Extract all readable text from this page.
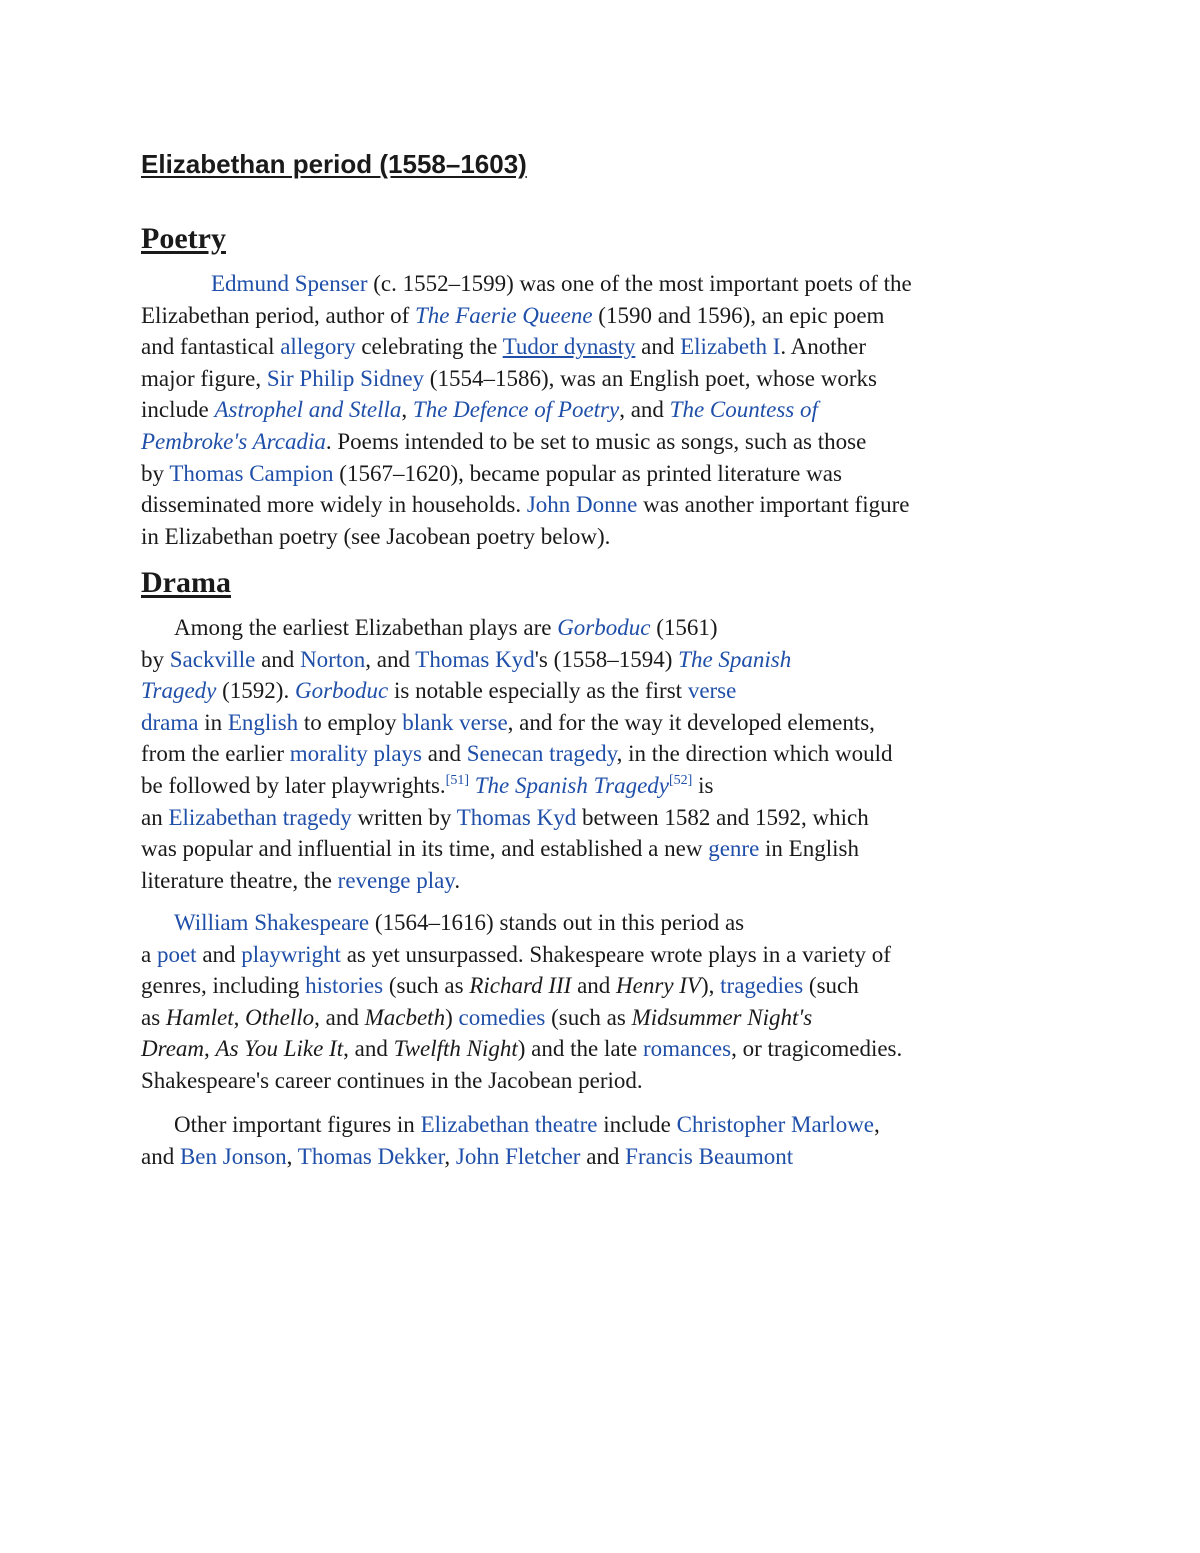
Elizabethan period (1558–1603)
Poetry

Edmund Spenser (c. 1552–1599) was one of the most important poets of the
Elizabethan period, author of The Faerie Queene (1590 and 1596), an epic poem
and fantastical allegory celebrating the Tudor dynasty and Elizabeth I. Another
major figure, Sir Philip Sidney (1554–1586), was an English poet, whose works
include Astrophel and Stella, The Defence of Poetry, and The Countess of
Pembroke's Arcadia. Poems intended to be set to music as songs, such as those
by Thomas Campion (1567–1620), became popular as printed literature was
disseminated more widely in households. John Donne was another important figure
in Elizabethan poetry (see Jacobean poetry below).

Drama

Among the earliest Elizabethan plays are Gorboduc (1561)
by Sackville and Norton, and Thomas Kyd's (1558–1594) The Spanish
Tragedy (1592). Gorboduc is notable especially as the first verse
drama in English to employ blank verse, and for the way it developed elements,
from the earlier morality plays and Senecan tragedy, in the direction which would
be followed by later playwrights.[51] The Spanish Tragedy[52] is
an Elizabethan tragedy written by Thomas Kyd between 1582 and 1592, which
was popular and influential in its time, and established a new genre in English
literature theatre, the revenge play.

William Shakespeare (1564–1616) stands out in this period as
a poet and playwright as yet unsurpassed. Shakespeare wrote plays in a variety of
genres, including histories (such as Richard III and Henry IV), tragedies (such
as Hamlet, Othello, and Macbeth) comedies (such as Midsummer Night's
Dream, As You Like It, and Twelfth Night) and the late romances, or tragicomedies.
Shakespeare's career continues in the Jacobean period.

Other important figures in Elizabethan theatre include Christopher Marlowe,
and Ben Jonson, Thomas Dekker, John Fletcher and Francis Beaumont
